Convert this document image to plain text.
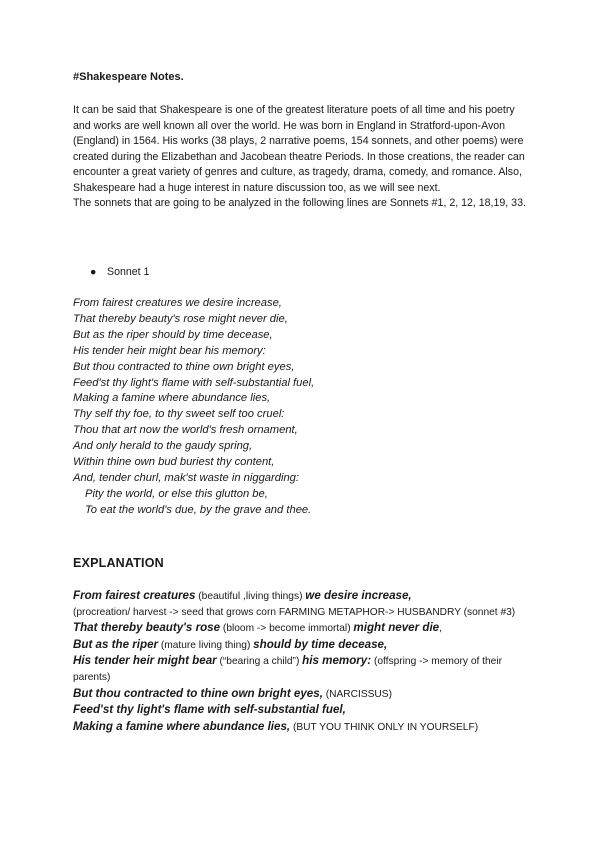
#Shakespeare Notes.

It can be said that Shakespeare is one of the greatest literature poets of all time and his poetry and works are well known all over the world. He was born in England in Stratford-upon-Avon (England) in 1564. His works (38 plays, 2 narrative poems, 154 sonnets, and other poems) were created during the Elizabethan and Jacobean theatre Periods. In those creations, the reader can encounter a great variety of genres and culture, as tragedy, drama, comedy, and romance. Also, Shakespeare had a huge interest in nature discussion too, as we will see next.

The sonnets that are going to be analyzed in the following lines are Sonnets #1, 2, 12, 18,19, 33.

● Sonnet 1
From fairest creatures we desire increase,
That thereby beauty's rose might never die,
But as the riper should by time decease,
His tender heir might bear his memory:
But thou contracted to thine own bright eyes,
Feed'st thy light's flame with self-substantial fuel,
Making a famine where abundance lies,
Thy self thy foe, to thy sweet self too cruel:
Thou that art now the world's fresh ornament,
And only herald to the gaudy spring,
Within thine own bud buriest thy content,
And, tender churl, mak'st waste in niggarding:
Pity the world, or else this glutton be,
To eat the world's due, by the grave and thee.
EXPLANATION
From fairest creatures (beautiful ,living things) we desire increase,
(procreation/ harvest -> seed that grows corn FARMING METAPHOR-> HUSBANDRY (sonnet #3)
That thereby beauty's rose (bloom -> become immortal) might never die,
But as the riper (mature living thing) should by time decease,
His tender heir might bear (“bearing a child”) his memory: (offspring -> memory of their parents)
But thou contracted to thine own bright eyes, (NARCISSUS)
Feed'st thy light's flame with self-substantial fuel,
Making a famine where abundance lies, (BUT YOU THINK ONLY IN YOURSELF)
